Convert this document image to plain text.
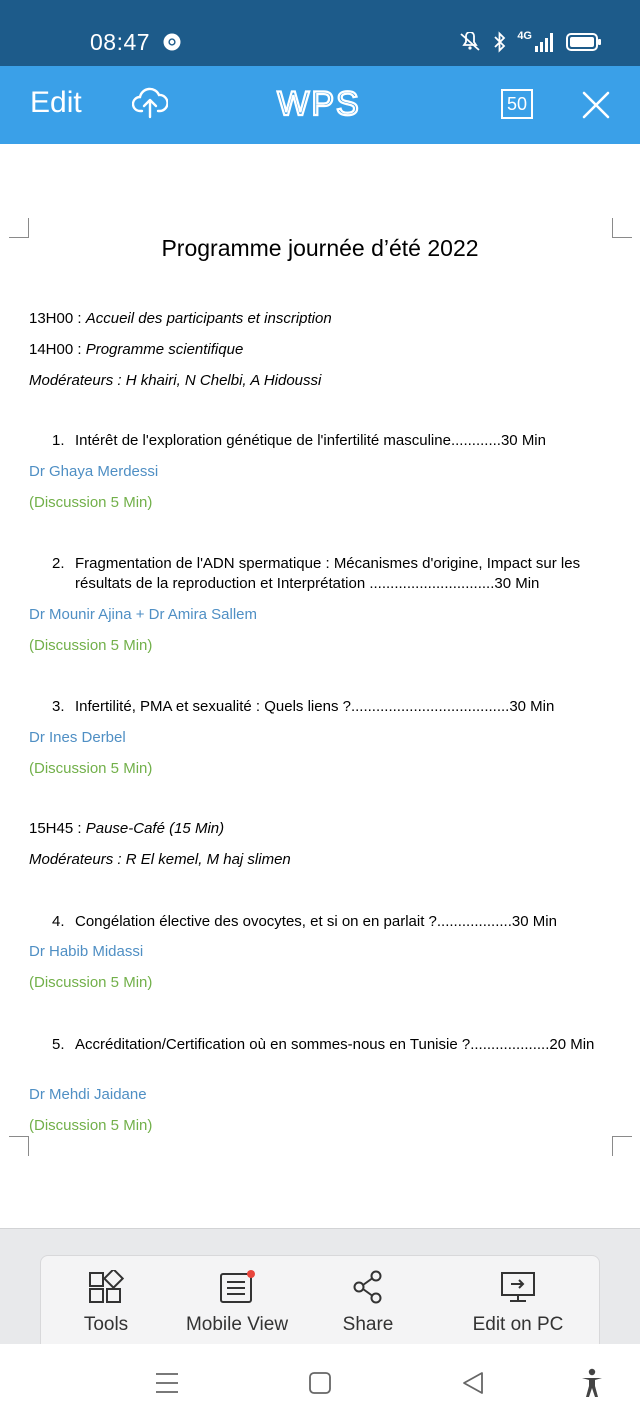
08:47	4G
Edit	WPS	50
Programme journée d’été 2022
13H00 : Accueil des participants et inscription
14H00 : Programme scientifique
Modérateurs : H khairi, N Chelbi, A Hidoussi
1. Intérêt de l'exploration génétique de l'infertilité masculine............30 Min
Dr Ghaya Merdessi
(Discussion 5 Min)
2. Fragmentation de l'ADN spermatique : Mécanismes d'origine, Impact sur les résultats de la reproduction et Interprétation ..............................30 Min
Dr Mounir Ajina + Dr Amira Sallem
(Discussion 5 Min)
3. Infertilité, PMA et sexualité : Quels liens ?......................................30 Min
Dr Ines Derbel
(Discussion 5 Min)
15H45 : Pause-Café (15 Min)
Modérateurs : R El kemel, M haj slimen
4. Congélation élective des ovocytes, et si on en parlait ?..................30 Min
Dr Habib Midassi
(Discussion 5 Min)
5. Accréditation/Certification où en sommes-nous en Tunisie ?...................20 Min
Dr Mehdi Jaidane
(Discussion 5 Min)
Tools	Mobile View	Share	Edit on PC
